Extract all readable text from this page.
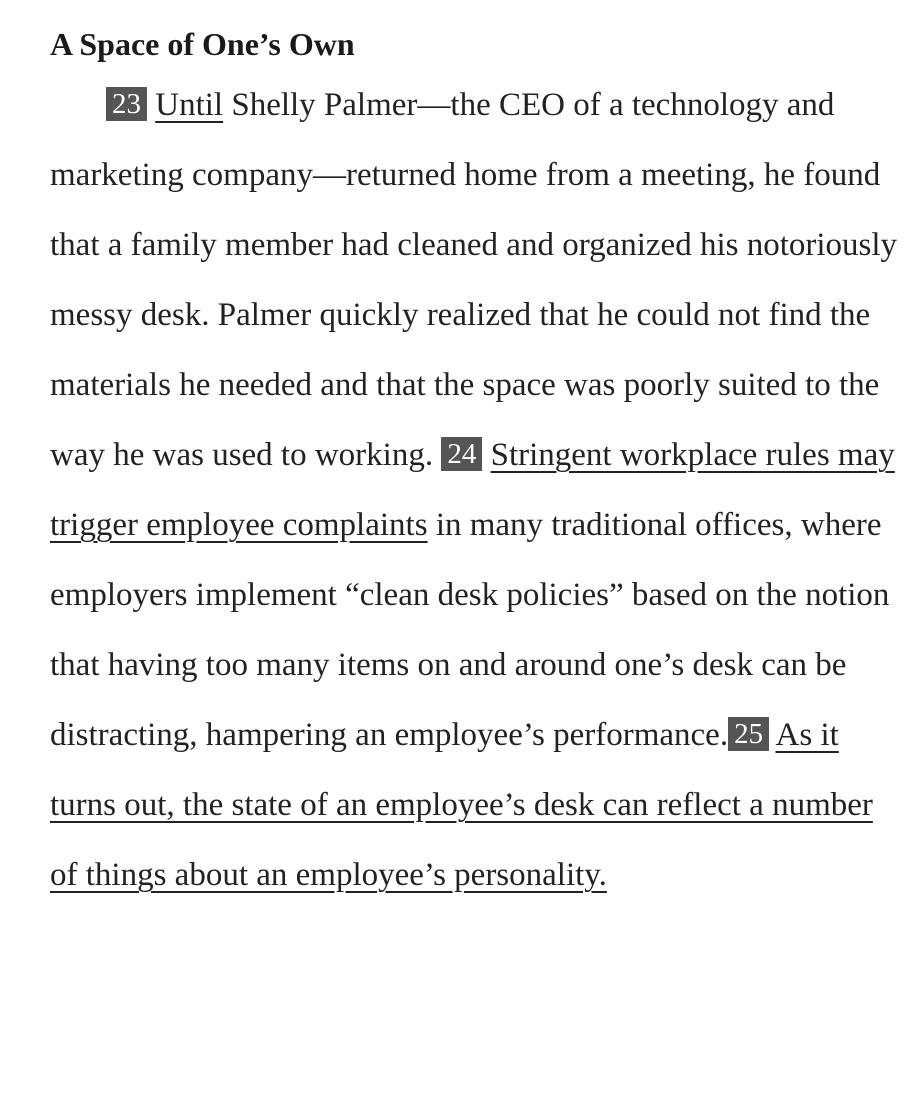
A Space of One’s Own

23 Until Shelly Palmer—the CEO of a technology and marketing company—returned home from a meeting, he found that a family member had cleaned and organized his notoriously messy desk. Palmer quickly realized that he could not find the materials he needed and that the space was poorly suited to the way he was used to working. 24 Stringent workplace rules may trigger employee complaints in many traditional offices, where employers implement “clean desk policies” based on the notion that having too many items on and around one’s desk can be distracting, hampering an employee’s performance. 25 As it turns out, the state of an employee’s desk can reflect a number of things about an employee’s personality.
